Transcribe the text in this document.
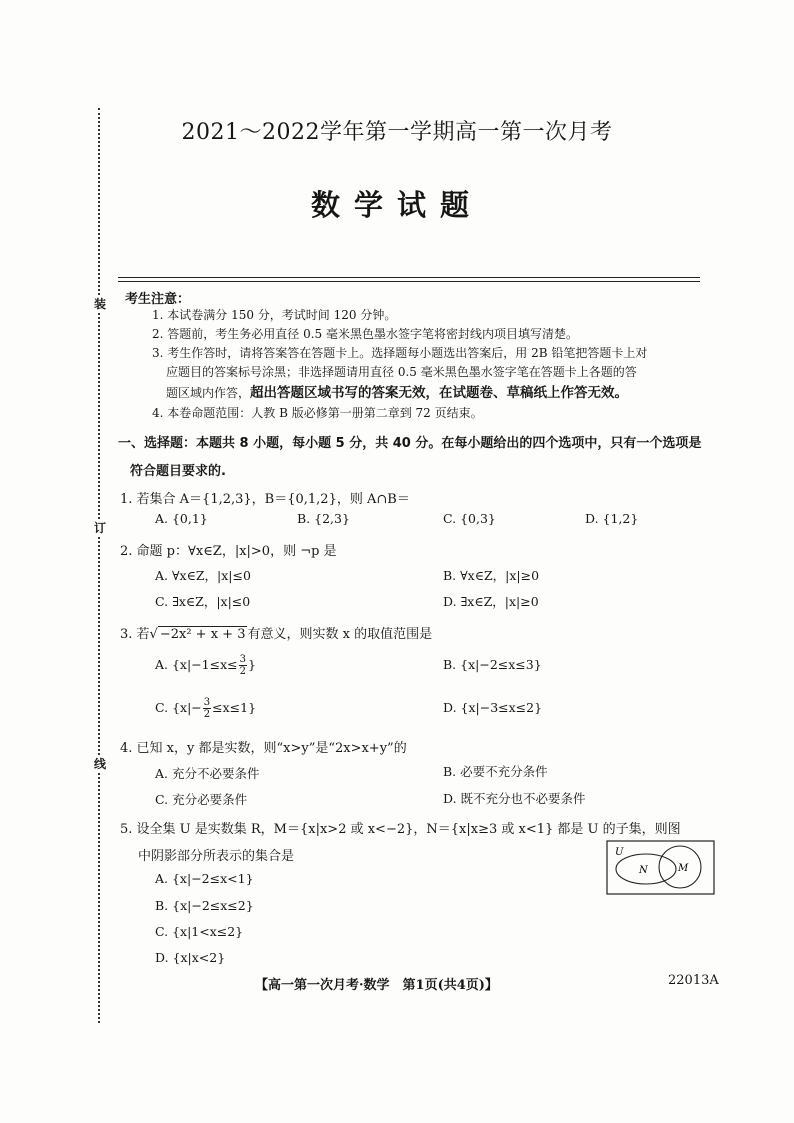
装
订
线
2021～2022学年第一学期高一第一次月考
数学试题
考生注意：
1. 本试卷满分 150 分，考试时间 120 分钟。
2. 答题前，考生务必用直径 0.5 毫米黑色墨水签字笔将密封线内项目填写清楚。
3. 考生作答时，请将答案答在答题卡上。选择题每小题选出答案后，用 2B 铅笔把答题卡上对
应题目的答案标号涂黑；非选择题请用直径 0.5 毫米黑色墨水签字笔在答题卡上各题的答
题区域内作答，超出答题区域书写的答案无效，在试题卷、草稿纸上作答无效。
4. 本卷命题范围：人教 B 版必修第一册第二章到 72 页结束。
一、选择题：本题共 8 小题，每小题 5 分，共 40 分。在每小题给出的四个选项中，只有一个选项是
符合题目要求的.
1. 若集合 A＝{1,2,3}，B＝{0,1,2}，则 A∩B＝
A. {0,1}	B. {2,3}	C. {0,3}	D. {1,2}
2. 命题 p：∀x∈Z，|x|>0，则 ¬p 是
A. ∀x∈Z，|x|≤0	B. ∀x∈Z，|x|≥0
C. ∃x∈Z，|x|≤0	D. ∃x∈Z，|x|≥0
3. 若√ −2x² + x + 3 有意义，则实数 x 的取值范围是
A. {$x|-1\le x\le \frac{3}{2}$ }	B. {x|−2≤x≤3}
C. $\{x|- \frac{3}{2} \le x\le 1\}$	D. {x|−3≤x≤2}
4. 已知 x，y 都是实数，则“x>y”是“2x>x+y”的
A. 充分不必要条件	B. 必要不充分条件
C. 充分必要条件	D. 既不充分也不必要条件
5. 设全集 U 是实数集 R，M＝{x|x>2 或 x<−2}，N＝{x|x≥3 或 x<1} 都是 U 的子集，则图
中阴影部分所表示的集合是
A. {x|−2≤x<1}
B. {x|−2≤x≤2}
C. {x|1<x≤2}
D. {x|x<2}
U
N	M
【高一第一次月考·数学　第1页(共4页)】	22013A
